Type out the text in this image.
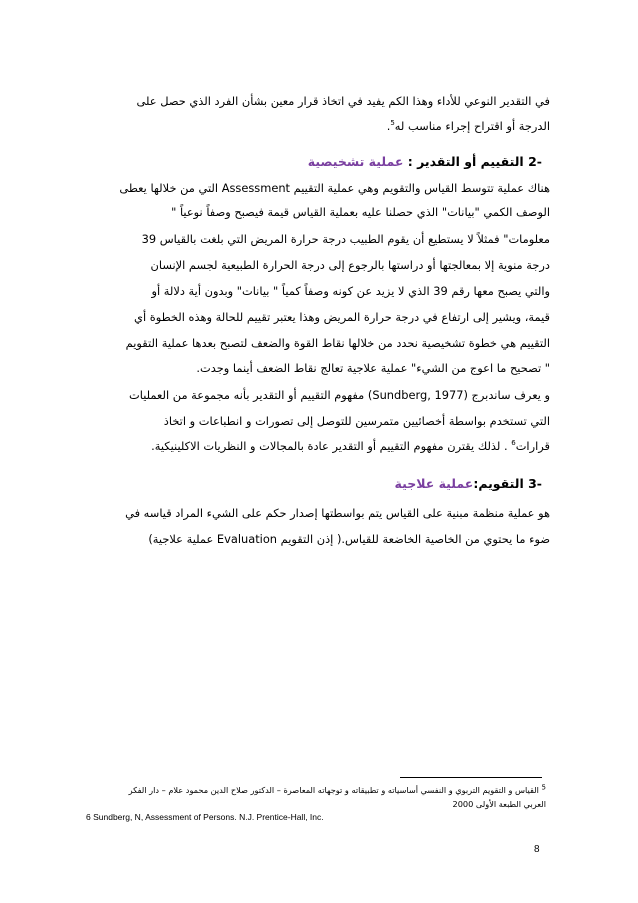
في التقدير النوعي للأداء وهذا الكم يفيد في اتخاذ قرار معين بشأن الفرد الذي حصل على
الدرجة أو اقتراح إجراء مناسب له$^5$.
-2 التقييم أو التقدير : عملية تشخيصية
هناك عملية تتوسط القياس والتقويم وهي عملية التقييم Assessment التي من خلالها يعطى
الوصف الكمي "بيانات" الذي حصلنا عليه بعملية القياس قيمة فيصبح وصفاً نوعياً "
معلومات" فمثلاً لا يستطيع أن يقوم الطبيب درجة حرارة المريض التي بلغت بالقياس 39
درجة منوية إلا بمعالجتها أو دراستها بالرجوع إلى درجة الحرارة الطبيعية لجسم الإنسان
والتي يصبح معها رقم 39 الذي لا يزيد عن كونه وصفاً كمياً " بيانات" وبدون أية دلالة أو
قيمة، ويشير إلى ارتفاع في درجة حرارة المريض وهذا يعتبر تقييم للحالة وهذه الخطوة أي
التقييم هي خطوة تشخيصية نحدد من خلالها نقاط القوة والضعف لتصبح بعدها عملية التقويم
" تصحيح ما اعوج من الشيء" عملية علاجية تعالج نقاط الضعف أينما وجدت.
و يعرف ساندبرج (Sundberg, 1977) مفهوم التقييم أو التقدير بأنه مجموعة من العمليات
التي تستخدم بواسطة أخصائيين متمرسين للتوصل إلى تصورات و انطباعات و اتخاذ
قرارات$^6$ . لذلك يقترن مفهوم التقييم أو التقدير عادة بالمجالات و النظريات الاكلينيكية.
-3 التقويم:عملية علاجية
هو عملية منظمة مبنية على القياس يتم بواسطتها إصدار حكم على الشيء المراد قياسه في
ضوء ما يحتوي من الخاصية الخاضعة للقياس.( إذن التقويم Evaluation عملية علاجية)
$^5$ القياس و التقويم التربوي و النفسي أساسياته و تطبيقاته و توجهاته المعاصرة – الدكتور صلاح الدين محمود علام – دار الفكر
العربي الطبعة الأولى 2000
6 Sundberg, N, Assessment of Persons. N.J. Prentice-Hall, Inc.
8
